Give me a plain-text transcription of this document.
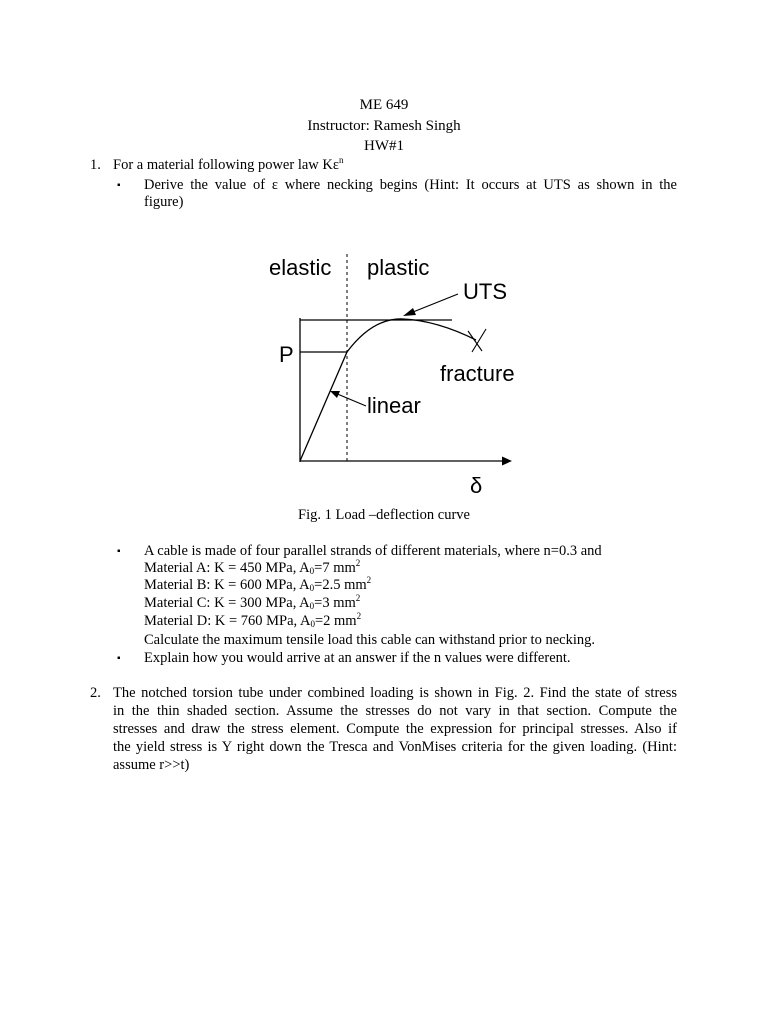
ME 649
Instructor: Ramesh Singh
HW#1
1. For a material following power law $K\varepsilon^n$
▪ Derive the value of ε where necking begins (Hint: It occurs at UTS as shown in the
figure)
elastic plastic
UTS
P
fracture
linear
δ
Fig. 1 Load –deflection curve
▪ A cable is made of four parallel strands of different materials, where n=0.3 and
Material A: K = 450 MPa, $A_0=7$ $mm^2$
Material B: K = 600 MPa, $A_0=2.5$ $mm^2$
Material C: K = 300 MPa, $A_0=3$ $mm^2$
Material D: K = 760 MPa, $A_0=2$ $mm^2$
Calculate the maximum tensile load this cable can withstand prior to necking.
▪ Explain how you would arrive at an answer if the n values were different.
2. The notched torsion tube under combined loading is shown in Fig. 2. Find the state of stress
in the thin shaded section. Assume the stresses do not vary in that section. Compute the
stresses and draw the stress element. Compute the expression for principal stresses. Also if
the yield stress is Y right down the Tresca and VonMises criteria for the given loading. (Hint:
assume r>>t)
